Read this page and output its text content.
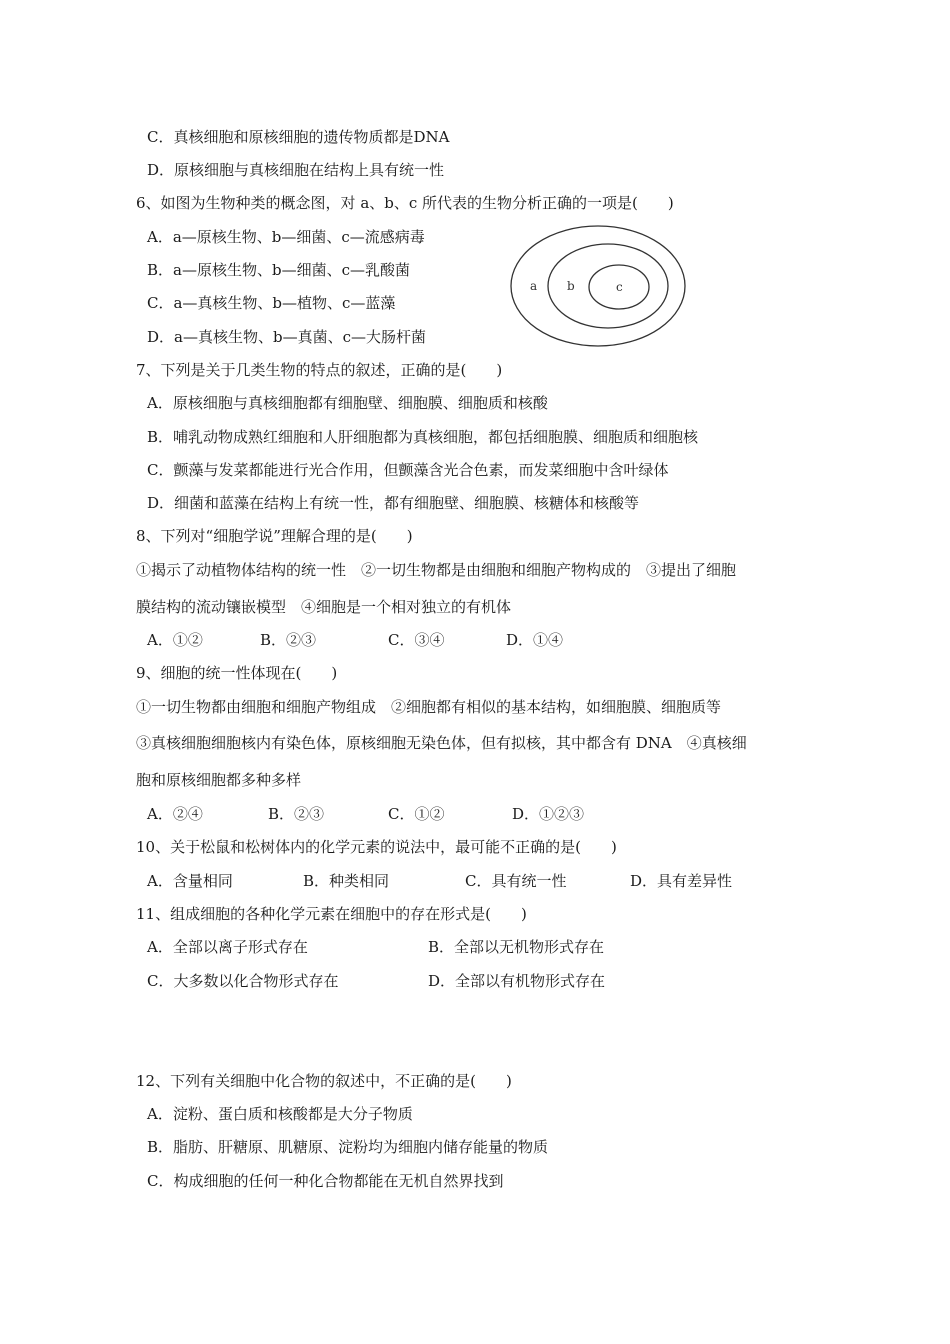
C．真核细胞和原核细胞的遗传物质都是DNA
D．原核细胞与真核细胞在结构上具有统一性
6、如图为生物种类的概念图，对 a、b、c 所代表的生物分析正确的一项是(　　)
A．a—原核生物、b—细菌、c—流感病毒
B．a—原核生物、b—细菌、c—乳酸菌
C．a—真核生物、b—植物、c—蓝藻
D．a—真核生物、b—真菌、c—大肠杆菌
a b	c
7、下列是关于几类生物的特点的叙述，正确的是(　　)
A．原核细胞与真核细胞都有细胞壁、细胞膜、细胞质和核酸
B．哺乳动物成熟红细胞和人肝细胞都为真核细胞，都包括细胞膜、细胞质和细胞核
C．颤藻与发菜都能进行光合作用，但颤藻含光合色素，而发菜细胞中含叶绿体
D．细菌和蓝藻在结构上有统一性，都有细胞壁、细胞膜、核糖体和核酸等
8、下列对“细胞学说”理解合理的是(　　)
①揭示了动植物体结构的统一性　②一切生物都是由细胞和细胞产物构成的　③提出了细胞
膜结构的流动镶嵌模型　④细胞是一个相对独立的有机体
A．①②	B．②③	C．③④	D．①④
9、细胞的统一性体现在(　　)
①一切生物都由细胞和细胞产物组成　②细胞都有相似的基本结构，如细胞膜、细胞质等
③真核细胞细胞核内有染色体，原核细胞无染色体，但有拟核，其中都含有 DNA　④真核细
胞和原核细胞都多种多样
A．②④	B．②③	C．①②	D．①②③
10、关于松鼠和松树体内的化学元素的说法中，最可能不正确的是(　　)
A．含量相同	B．种类相同	C．具有统一性	D．具有差异性
11、组成细胞的各种化学元素在细胞中的存在形式是(　　)
A．全部以离子形式存在	B．全部以无机物形式存在
C．大多数以化合物形式存在	D．全部以有机物形式存在
12、下列有关细胞中化合物的叙述中，不正确的是(　　)
A．淀粉、蛋白质和核酸都是大分子物质
B．脂肪、肝糖原、肌糖原、淀粉均为细胞内储存能量的物质
C．构成细胞的任何一种化合物都能在无机自然界找到
